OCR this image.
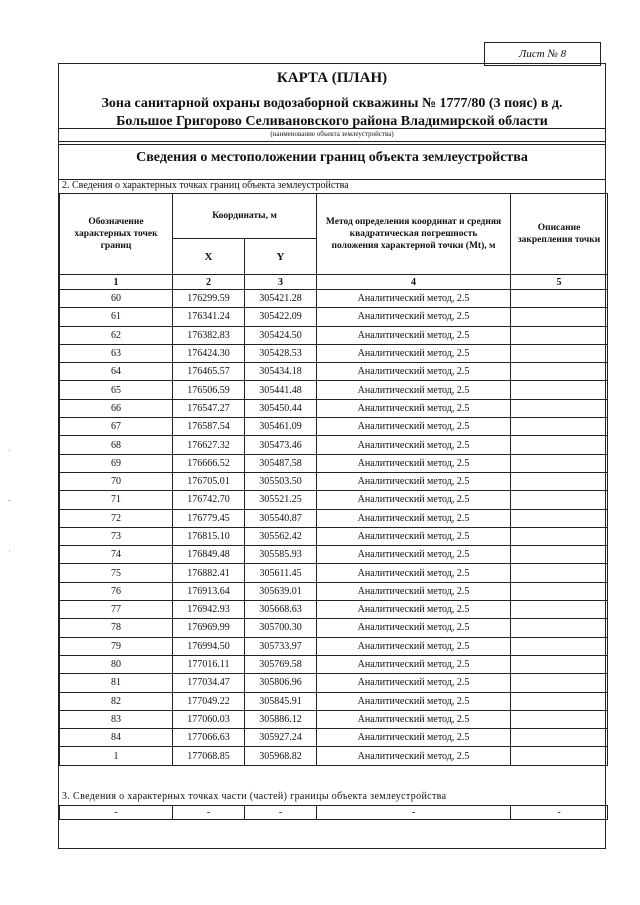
Лист № 8
КАРТА (ПЛАН)
Зона санитарной охраны водозаборной скважины № 1777/80 (3 пояс) в д.
Большое Григорово Селивановского района Владимирской области
(наименование объекта землеустройства)
Сведения о местоположении границ объекта землеустройства
2. Сведения о характерных точках границ объекта землеустройства
Обозначение характерных точек границ	Координаты, м		Метод определения координат и средняя квадратическая погрешность положения характерной точки (Mt), м	Описание закрепления точки
	X	Y		
1	2	3	4	5
60	176299.59	305421.28	Аналитический метод, 2.5	
61	176341.24	305422.09	Аналитический метод, 2.5	
62	176382.83	305424.50	Аналитический метод, 2.5	
63	176424.30	305428.53	Аналитический метод, 2.5	
64	176465.57	305434.18	Аналитический метод, 2.5	
65	176506.59	305441.48	Аналитический метод, 2.5	
66	176547.27	305450.44	Аналитический метод, 2.5	
67	176587.54	305461.09	Аналитический метод, 2.5	
68	176627.32	305473.46	Аналитический метод, 2.5	
69	176666.52	305487.58	Аналитический метод, 2.5	
70	176705.01	305503.50	Аналитический метод, 2.5	
71	176742.70	305521.25	Аналитический метод, 2.5	
72	176779.45	305540.87	Аналитический метод, 2.5	
73	176815.10	305562.42	Аналитический метод, 2.5	
74	176849.48	305585.93	Аналитический метод, 2.5	
75	176882.41	305611.45	Аналитический метод, 2.5	
76	176913.64	305639.01	Аналитический метод, 2.5	
77	176942.93	305668.63	Аналитический метод, 2.5	
78	176969.99	305700.30	Аналитический метод, 2.5	
79	176994.50	305733.97	Аналитический метод, 2.5	
80	177016.11	305769.58	Аналитический метод, 2.5	
81	177034.47	305806.96	Аналитический метод, 2.5	
82	177049.22	305845.91	Аналитический метод, 2.5	
83	177060.03	305886.12	Аналитический метод, 2.5	
84	177066.63	305927.24	Аналитический метод, 2.5	
1	177068.85	305968.82	Аналитический метод, 2.5	
3. Сведения о характерных точках части (частей) границы объекта землеустройства
-	-	-	-	-
˙
ˉ
˙
